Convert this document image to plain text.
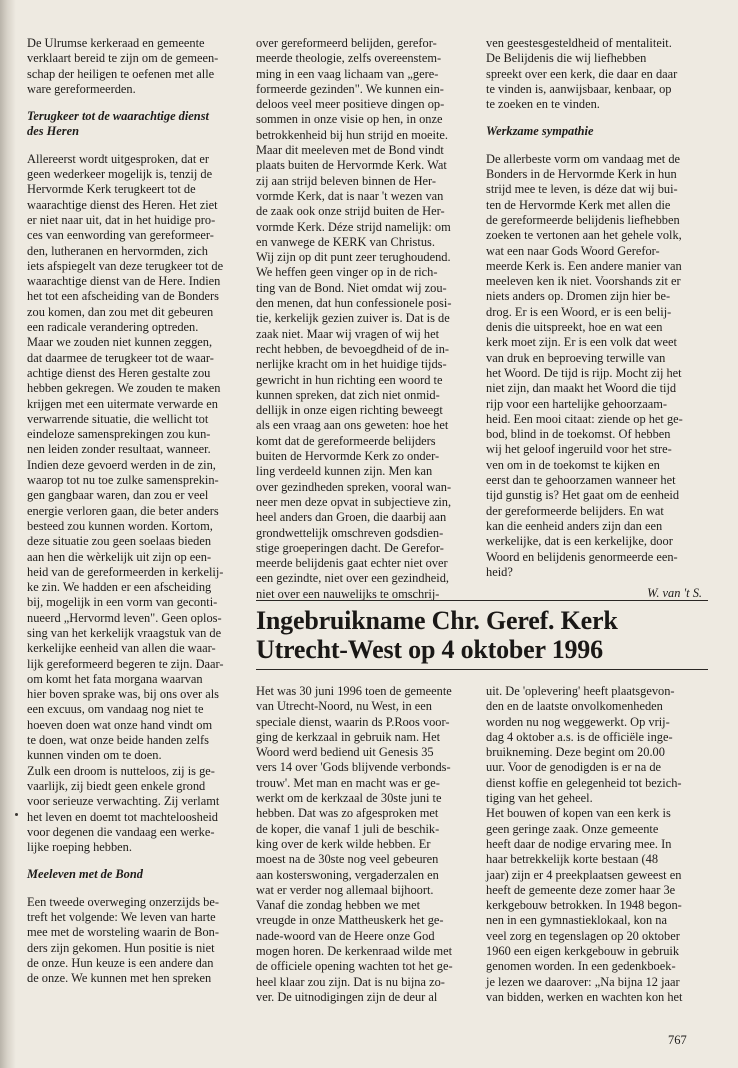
De Ulrumse kerkeraad en gemeente
verklaart bereid te zijn om de gemeen-
schap der heiligen te oefenen met alle
ware gereformeerden.

Terugkeer tot de waarachtige dienst
des Heren

Allereerst wordt uitgesproken, dat er
geen wederkeer mogelijk is, tenzij de
Hervormde Kerk terugkeert tot de
waarachtige dienst des Heren. Het ziet
er niet naar uit, dat in het huidige pro-
ces van eenwording van gereformeer-
den, lutheranen en hervormden, zich
iets afspiegelt van deze terugkeer tot de
waarachtige dienst van de Here. Indien
het tot een afscheiding van de Bonders
zou komen, dan zou met dit gebeuren
een radicale verandering optreden.
Maar we zouden niet kunnen zeggen,
dat daarmee de terugkeer tot de waar-
achtige dienst des Heren gestalte zou
hebben gekregen. We zouden te maken
krijgen met een uitermate verwarde en
verwarrende situatie, die wellicht tot
eindeloze samensprekingen zou kun-
nen leiden zonder resultaat, wanneer.
Indien deze gevoerd werden in de zin,
waarop tot nu toe zulke samensprekin-
gen gangbaar waren, dan zou er veel
energie verloren gaan, die beter anders
besteed zou kunnen worden. Kortom,
deze situatie zou geen soelaas bieden
aan hen die wèrkelijk uit zijn op een-
heid van de gereformeerden in kerkelij-
ke zin. We hadden er een afscheiding
bij, mogelijk in een vorm van geconti-
nueerd „Hervormd leven". Geen oplos-
sing van het kerkelijk vraagstuk van de
kerkelijke eenheid van allen die waar-
lijk gereformeerd begeren te zijn. Daar-
om komt het fata morgana waarvan
hier boven sprake was, bij ons over als
een excuus, om vandaag nog niet te
hoeven doen wat onze hand vindt om
te doen, wat onze beide handen zelfs
kunnen vinden om te doen.
Zulk een droom is nutteloos, zij is ge-
vaarlijk, zij biedt geen enkele grond
voor serieuze verwachting. Zij verlamt
het leven en doemt tot machteloosheid
voor degenen die vandaag een werke-
lijke roeping hebben.

Meeleven met de Bond

Een tweede overweging onzerzijds be-
treft het volgende: We leven van harte
mee met de worsteling waarin de Bon-
ders zijn gekomen. Hun positie is niet
de onze. Hun keuze is een andere dan
de onze. We kunnen met hen spreken

over gereformeerd belijden, gerefor-
meerde theologie, zelfs overeenstem-
ming in een vaag lichaam van „gere-
formeerde gezinden". We kunnen ein-
deloos veel meer positieve dingen op-
sommen in onze visie op hen, in onze
betrokkenheid bij hun strijd en moeite.
Maar dit meeleven met de Bond vindt
plaats buiten de Hervormde Kerk. Wat
zij aan strijd beleven binnen de Her-
vormde Kerk, dat is naar 't wezen van
de zaak ook onze strijd buiten de Her-
vormde Kerk. Déze strijd namelijk: om
en vanwege de KERK van Christus.
Wij zijn op dit punt zeer terughoudend.
We heffen geen vinger op in de rich-
ting van de Bond. Niet omdat wij zou-
den menen, dat hun confessionele posi-
tie, kerkelijk gezien zuiver is. Dat is de
zaak niet. Maar wij vragen of wij het
recht hebben, de bevoegdheid of de in-
nerlijke kracht om in het huidige tijds-
gewricht in hun richting een woord te
kunnen spreken, dat zich niet onmid-
dellijk in onze eigen richting beweegt
als een vraag aan ons geweten: hoe het
komt dat de gereformeerde belijders
buiten de Hervormde Kerk zo onder-
ling verdeeld kunnen zijn. Men kan
over gezindheden spreken, vooral wan-
neer men deze opvat in subjectieve zin,
heel anders dan Groen, die daarbij aan
grondwettelijk omschreven godsdien-
stige groeperingen dacht. De Gerefor-
meerde belijdenis gaat echter niet over
een gezindte, niet over een gezindheid,
niet over een nauwelijks te omschrij-

ven geestesgesteldheid of mentaliteit.
De Belijdenis die wij liefhebben
spreekt over een kerk, die daar en daar
te vinden is, aanwijsbaar, kenbaar, op
te zoeken en te vinden.

Werkzame sympathie

De allerbeste vorm om vandaag met de
Bonders in de Hervormde Kerk in hun
strijd mee te leven, is déze dat wij bui-
ten de Hervormde Kerk met allen die
de gereformeerde belijdenis liefhebben
zoeken te vertonen aan het gehele volk,
wat een naar Gods Woord Gerefor-
meerde Kerk is. Een andere manier van
meeleven ken ik niet. Voorshands zit er
niets anders op. Dromen zijn hier be-
drog. Er is een Woord, er is een belij-
denis die uitspreekt, hoe en wat een
kerk moet zijn. Er is een volk dat weet
van druk en beproeving terwille van
het Woord. De tijd is rijp. Mocht zij het
niet zijn, dan maakt het Woord die tijd
rijp voor een hartelijke gehoorzaam-
heid. Een mooi citaat: ziende op het ge-
bod, blind in de toekomst. Of hebben
wij het geloof ingeruild voor het stre-
ven om in de toekomst te kijken en
eerst dan te gehoorzamen wanneer het
tijd gunstig is? Het gaat om de eenheid
der gereformeerde belijders. En wat
kan die eenheid anders zijn dan een
werkelijke, dat is een kerkelijke, door
Woord en belijdenis genormeerde een-
heid?

W. van 't S.
Ingebruikname Chr. Geref. Kerk
Utrecht-West op 4 oktober 1996

Het was 30 juni 1996 toen de gemeente
van Utrecht-Noord, nu West, in een
speciale dienst, waarin ds P.Roos voor-
ging de kerkzaal in gebruik nam. Het
Woord werd bediend uit Genesis 35
vers 14 over 'Gods blijvende verbonds-
trouw'. Met man en macht was er ge-
werkt om de kerkzaal de 30ste juni te
hebben. Dat was zo afgesproken met
de koper, die vanaf 1 juli de beschik-
king over de kerk wilde hebben. Er
moest na de 30ste nog veel gebeuren
aan kosterswoning, vergaderzalen en
wat er verder nog allemaal bijhoort.
Vanaf die zondag hebben we met
vreugde in onze Mattheuskerk het ge-
nade-woord van de Heere onze God
mogen horen. De kerkenraad wilde met
de officiele opening wachten tot het ge-
heel klaar zou zijn. Dat is nu bijna zo-
ver. De uitnodigingen zijn de deur al

uit. De 'oplevering' heeft plaatsgevon-
den en de laatste onvolkomenheden
worden nu nog weggewerkt. Op vrij-
dag 4 oktober a.s. is de officiële inge-
bruikneming. Deze begint om 20.00
uur. Voor de genodigden is er na de
dienst koffie en gelegenheid tot bezich-
tiging van het geheel.
Het bouwen of kopen van een kerk is
geen geringe zaak. Onze gemeente
heeft daar de nodige ervaring mee. In
haar betrekkelijk korte bestaan (48
jaar) zijn er 4 preekplaatsen geweest en
heeft de gemeente deze zomer haar 3e
kerkgebouw betrokken. In 1948 begon-
nen in een gymnastieklokaal, kon na
veel zorg en tegenslagen op 20 oktober
1960 een eigen kerkgebouw in gebruik
genomen worden. In een gedenkboek-
je lezen we daarover: „Na bijna 12 jaar
van bidden, werken en wachten kon het

767
